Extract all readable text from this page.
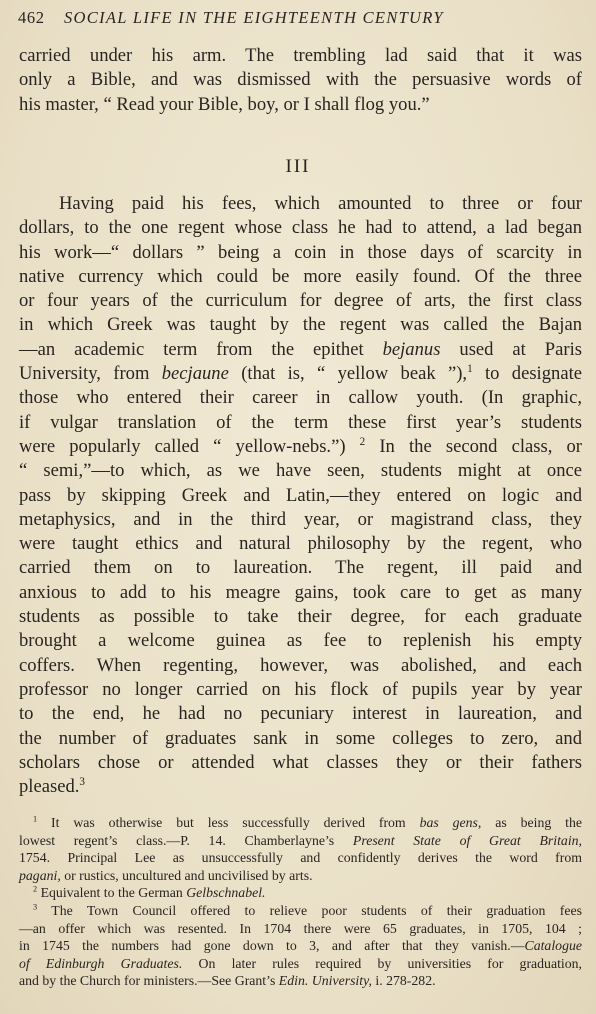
462 SOCIAL LIFE IN THE EIGHTEENTH CENTURY
carried under his arm. The trembling lad said that it was
only a Bible, and was dismissed with the persuasive words of
his master, “ Read your Bible, boy, or I shall flog you.”
III
Having paid his fees, which amounted to three or four
dollars, to the one regent whose class he had to attend, a lad began
his work—“ dollars ” being a coin in those days of scarcity in
native currency which could be more easily found. Of the three
or four years of the curriculum for degree of arts, the first class
in which Greek was taught by the regent was called the Bajan
—an academic term from the epithet bejanus used at Paris
University, from becjaune (that is, “ yellow beak ”),$^1$ to designate
those who entered their career in callow youth. (In graphic,
if vulgar translation of the term these first year’s students
were popularly called “ yellow-nebs.”) $^2$ In the second class, or
“ semi,”—to which, as we have seen, students might at once
pass by skipping Greek and Latin,—they entered on logic and
metaphysics, and in the third year, or magistrand class, they
were taught ethics and natural philosophy by the regent, who
carried them on to laureation. The regent, ill paid and
anxious to add to his meagre gains, took care to get as many
students as possible to take their degree, for each graduate
brought a welcome guinea as fee to replenish his empty
coffers. When regenting, however, was abolished, and each
professor no longer carried on his flock of pupils year by year
to the end, he had no pecuniary interest in laureation, and
the number of graduates sank in some colleges to zero, and
scholars chose or attended what classes they or their fathers
pleased.$^3$
$^1$ It was otherwise but less successfully derived from bas gens, as being the
lowest regent’s class.—P. 14. Chamberlayne’s Present State of Great Britain,
1754. Principal Lee as unsuccessfully and confidently derives the word from
pagani, or rustics, uncultured and uncivilised by arts.
$^2$ Equivalent to the German Gelbschnabel.
$^3$ The Town Council offered to relieve poor students of their graduation fees
—an offer which was resented. In 1704 there were 65 graduates, in 1705, 104 ;
in 1745 the numbers had gone down to 3, and after that they vanish.—Catalogue
of Edinburgh Graduates. On later rules required by universities for graduation,
and by the Church for ministers.—See Grant’s Edin. University, i. 278-282.
